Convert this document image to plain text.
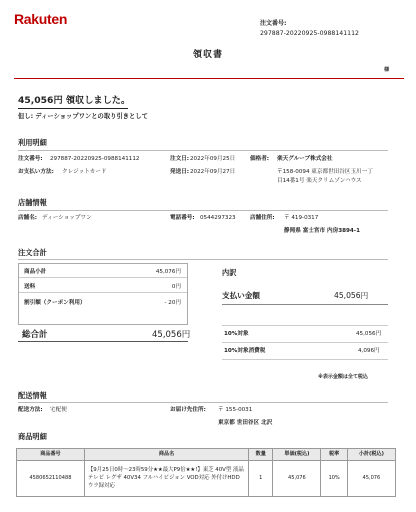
Rakuten	注文番号:
297887-20220925-0988141112
領収書
様
45,056円 領収しました。
但し: ディーショップワンとの取り引きとして
利用明細
注文番号: 297887-20220925-0988141112	注文日: 2022年09月25日	価格者: 楽天グループ株式会社
お支払い方法: クレジットカード	発送日: 2022年09月27日	〒158-0094 東京都世田谷区玉川一丁
目14番1号 楽天クリムゾンハウス
店舗情報
店舗名: ディーショップワン	電話番号: 0544297323	店舗住所: 〒 419-0317
静岡県 富士宮市 内房3894-1
注文合計
商品小計	45,076円
送料	0円
割引額（クーポン利用）	- 20円
総合計	45,056円
内訳
支払い金額	45,056円
10%対象	45,056円
10%対象消費税	4,096円
※表示金額は全て税込
配送情報
配送方法: 宅配便	お届け先住所: 〒 155-0031
東京都 世田谷区 北沢
商品明細
商品番号	商品名	数量	単価(税込)	税率	小計(税込)
4580652110488	【9月25日0時〜23時59分★★最大P9倍★★!】東芝 40V型 液晶テレビ レグザ 40V34 フルハイビジョン VOD対応 外付けHDD ウラ録対応	1	45,076	10%	45,076
